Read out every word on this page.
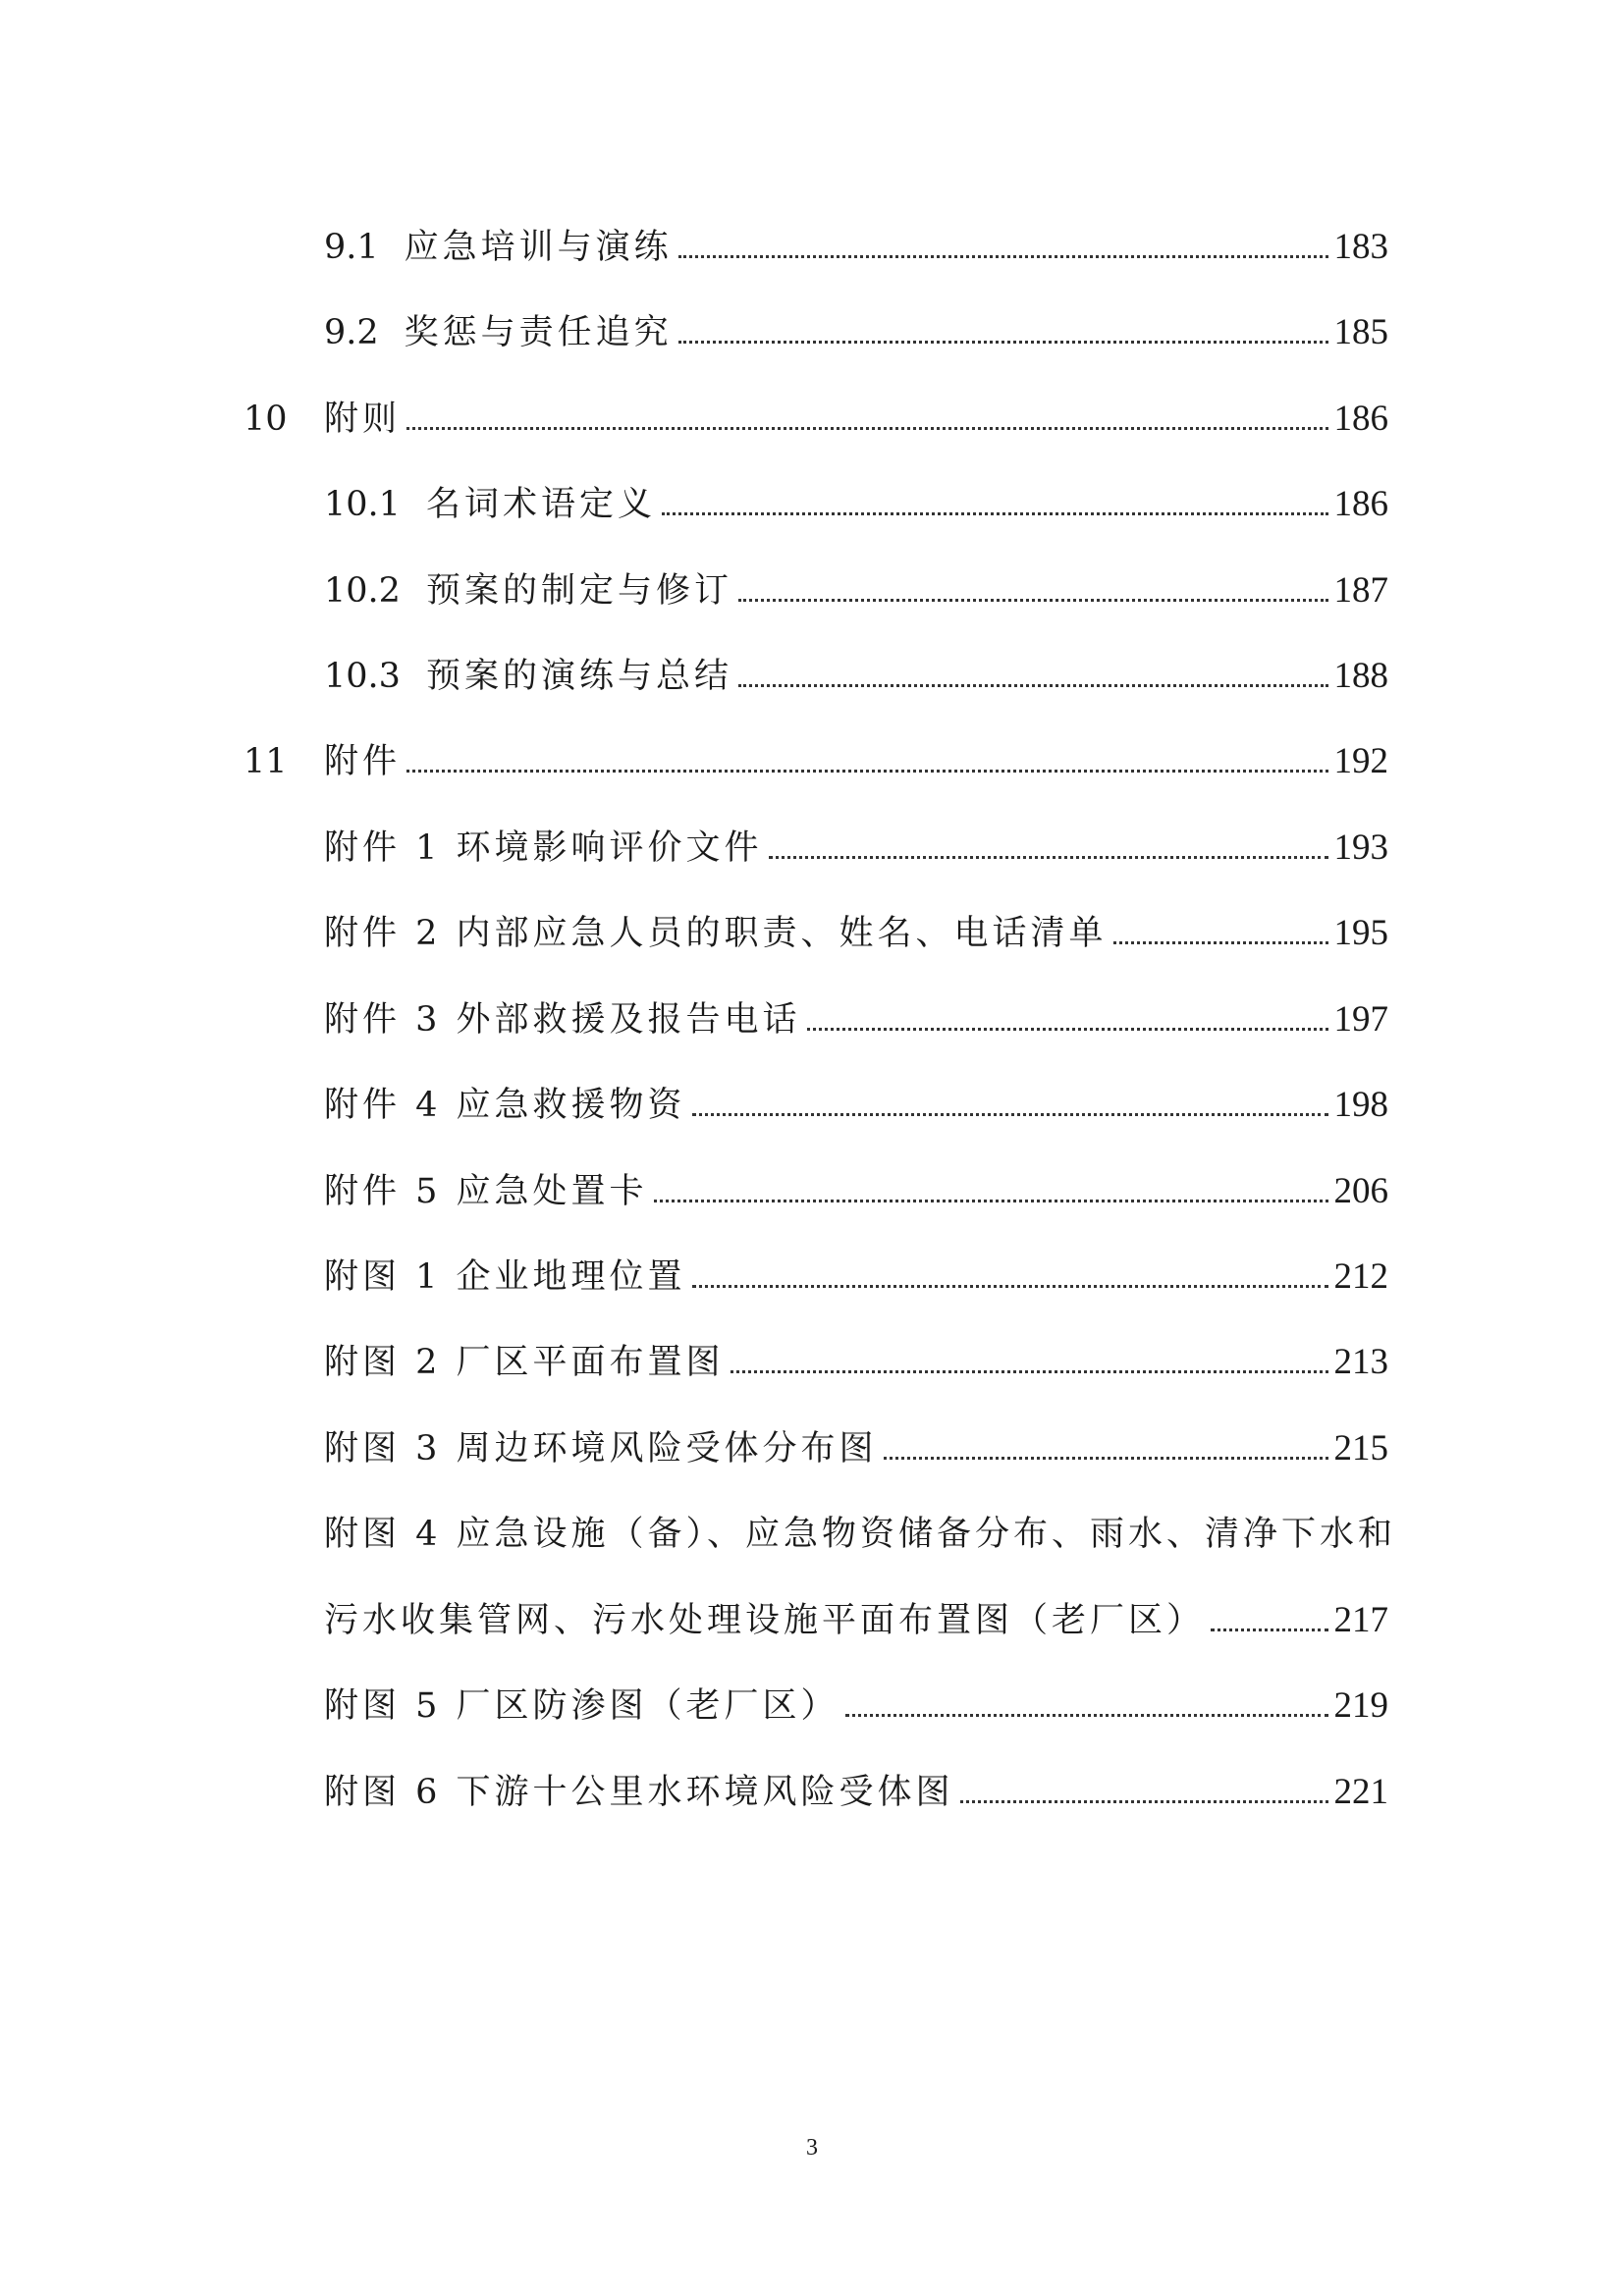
9.1 应急培训与演练	183
9.2 奖惩与责任追究	185
10	附则	186
10.1 名词术语定义	186
10.2 预案的制定与修订	187
10.3 预案的演练与总结	188
11	附件	192
附件 1 环境影响评价文件	193
附件 2 内部应急人员的职责、姓名、电话清单	195
附件 3 外部救援及报告电话	197
附件 4 应急救援物资	198
附件 5 应急处置卡	206
附图 1 企业地理位置	212
附图 2 厂区平面布置图	213
附图 3 周边环境风险受体分布图	215
附图 4 应急设施（备）、应急物资储备分布、雨水、清净下水和
污水收集管网、污水处理设施平面布置图（老厂区）	217
附图 5 厂区防渗图（老厂区）	219
附图 6 下游十公里水环境风险受体图	221
3
